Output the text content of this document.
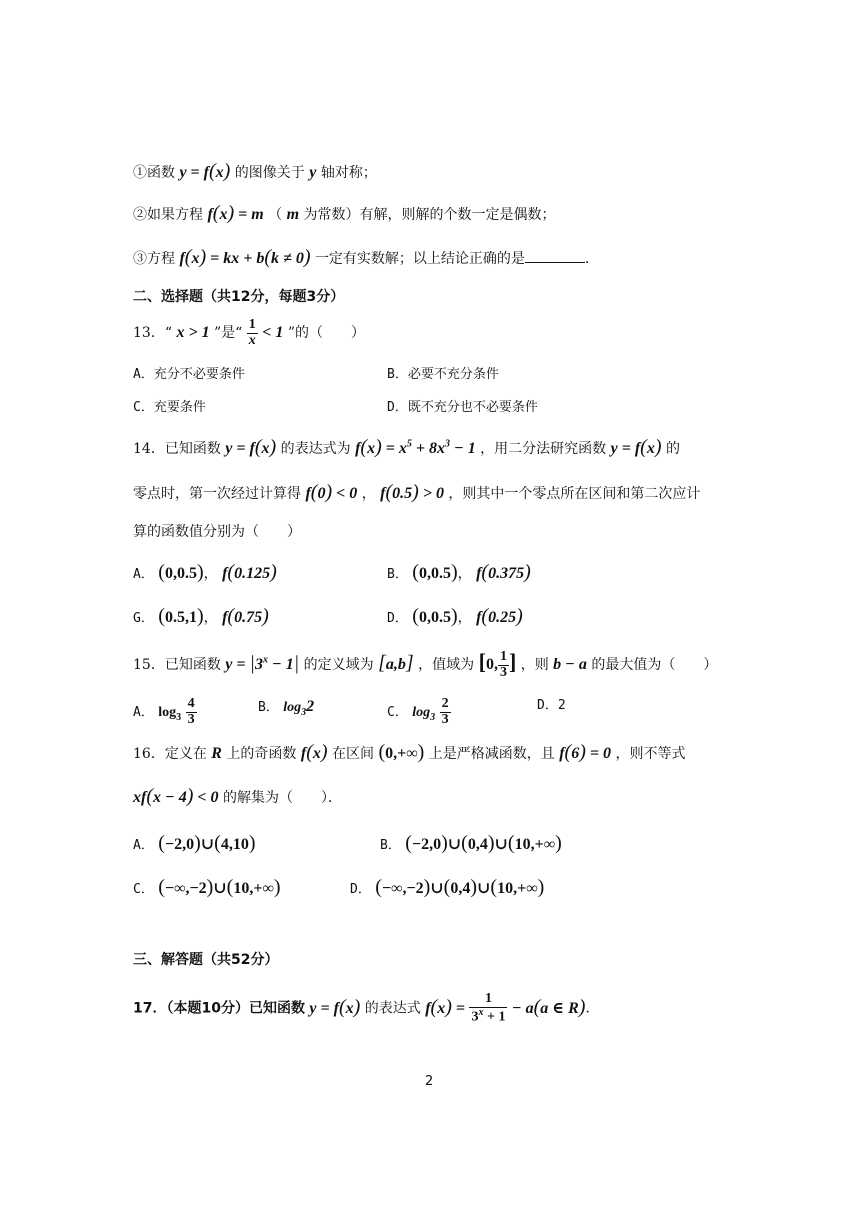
①函数 y = f(x) 的图像关于 y 轴对称；
②如果方程 f(x) = m （ m 为常数）有解，则解的个数一定是偶数；
③方程 f(x) = kx + b(k ≠ 0) 一定有实数解；以上结论正确的是	．
二、选择题（共12分，每题3分）
13．“ x > 1 ”是“ $\frac{1}{x} < 1$ ”的（　　）
A．充分不必要条件	B．必要不充分条件
C．充要条件	D．既不充分也不必要条件
14．已知函数 y = f(x) 的表达式为 $f(x) = x^5 + 8x^3 - 1$ ，用二分法研究函数 y = f(x) 的
零点时，第一次经过计算得 f(0) < 0 ， f(0.5) > 0 ，则其中一个零点所在区间和第二次应计
算的函数值分别为（　　）
A． (0,0.5)， f(0.125)	B． (0,0.5)， f(0.375)
G． (0.5,1)， f(0.75)	D． (0,0.5)， f(0.25)
15．已知函数 $y = |3^x - 1|$ 的定义域为 [a,b] ，值域为 [0, $\frac{1}{3}$ ] ，则 b − a 的最大值为（　　）
A． $\log_3 \frac{4}{3}$	B． $\log_32$	C． $\log_3 \frac{2}{3}$	D．2
16．定义在 R 上的奇函数 f(x) 在区间 (0,+∞) 上是严格减函数，且 f(6) = 0 ，则不等式
xf(x − 4) < 0 的解集为（　　）．
A． (−2,0)∪(4,10)	B． (−2,0)∪(0,4)∪(10,+∞)
C． (−∞,−2)∪(10,+∞)	D． (−∞,−2)∪(0,4)∪(10,+∞)
三、解答题（共52分）
17．（本题10分）已知函数 y = f(x) 的表达式 $f(x) = \frac{1}{3^x + 1} - a(a$ ∈ R)．
2
